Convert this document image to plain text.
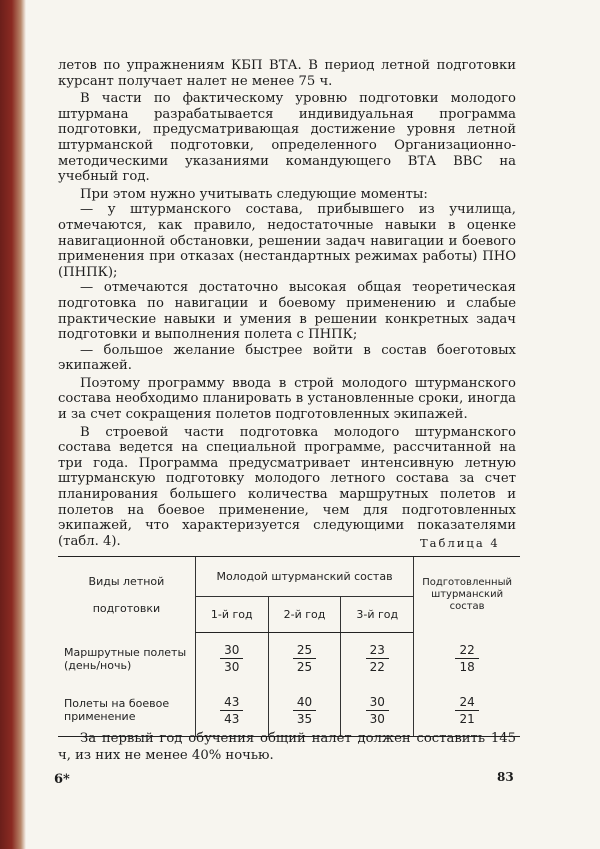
летов по упражнениям КБП ВТА. В период летной подготовки курсант получает налет не менее 75 ч.

В части по фактическому уровню подготовки молодого штурмана разрабатывается индивидуальная программа подготовки, предусматривающая достижение уровня летной штурманской подготовки, определенного Организационно-методическими указаниями командующего ВТА ВВС на учебный год.

При этом нужно учитывать следующие моменты:

— у штурманского состава, прибывшего из училища, отмечаются, как правило, недостаточные навыки в оценке навигационной обстановки, решении задач навигации и боевого применения при отказах (нестандартных режимах работы) ПНО (ПНПК);

— отмечаются достаточно высокая общая теоретическая подготовка по навигации и боевому применению и слабые практические навыки и умения в решении конкретных задач подготовки и выполнения полета с ПНПК;

— большое желание быстрее войти в состав боеготовых экипажей.

Поэтому программу ввода в строй молодого штурманского состава необходимо планировать в установленные сроки, иногда и за счет сокращения полетов подготовленных экипажей.

В строевой части подготовка молодого штурманского состава ведется на специальной программе, рассчитанной на три года. Программа предусматривает интенсивную летную штурманскую подготовку молодого летного состава за счет планирования большего количества маршрутных полетов и полетов на боевое применение, чем для подготовленных экипажей, что характеризуется следующими показателями (табл. 4).	Таблица 4
Виды летной
подготовки	Молодой штурманский состав			Подготовленный штурманский состав
	1-й год	2-й год	3-й год	
Маршрутные полеты (день/ночь)	$\frac{30}{30}$	$\frac{25}{25}$	$\frac{23}{22}$	$\frac{22}{18}$

Полеты на боевое применение	$\frac{43}{43}$	$\frac{40}{35}$	$\frac{30}{30}$	$\frac{24}{21}$
За первый год обучения общий налет должен составить 145 ч, из них не менее 40% ночью.
6*	83
